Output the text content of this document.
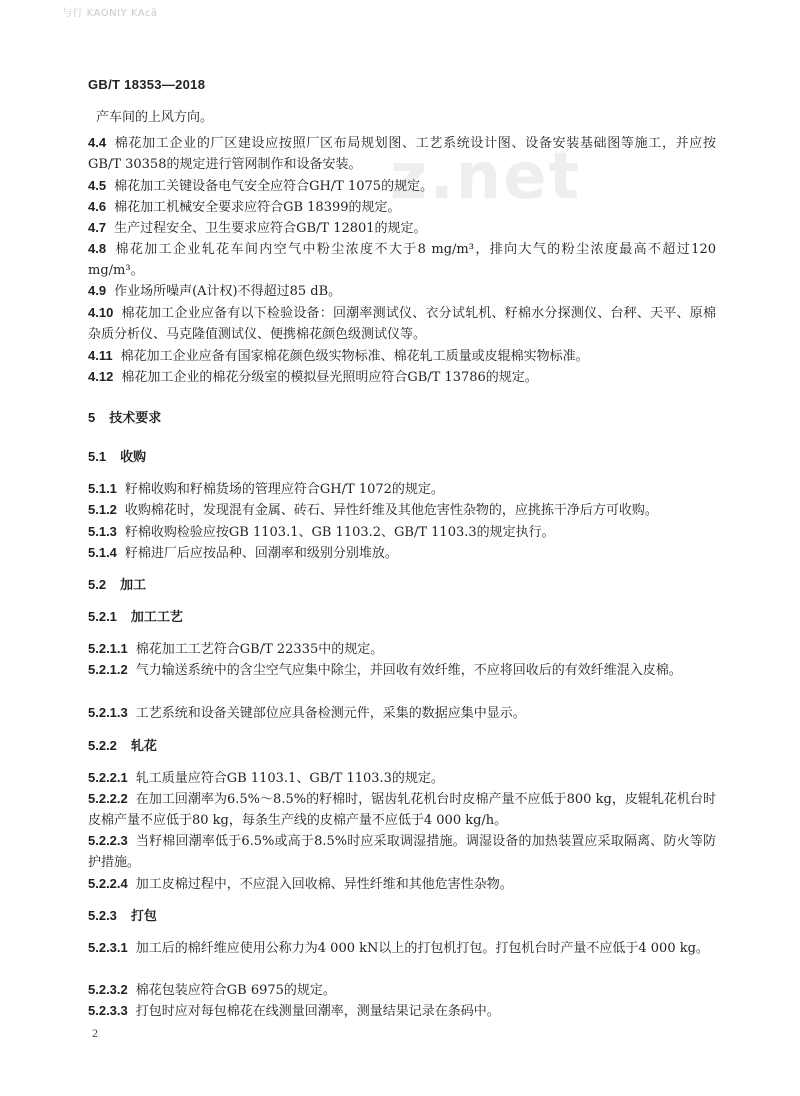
与行 KAONIY KAcā
GB/T 18353—2018
z.net
产车间的上风方向。
4.4 棉花加工企业的厂区建设应按照厂区布局规划图、工艺系统设计图、设备安装基础图等施工，并应按GB/T 30358的规定进行管网制作和设备安装。
4.5 棉花加工关键设备电气安全应符合GH/T 1075的规定。
4.6 棉花加工机械安全要求应符合GB 18399的规定。
4.7 生产过程安全、卫生要求应符合GB/T 12801的规定。
4.8 棉花加工企业轧花车间内空气中粉尘浓度不大于8 mg/m³，排向大气的粉尘浓度最高不超过120 mg/m³。
4.9 作业场所噪声(A计权)不得超过85 dB。
4.10 棉花加工企业应备有以下检验设备：回潮率测试仪、衣分试轧机、籽棉水分探测仪、台秤、天平、原棉杂质分析仪、马克隆值测试仪、便携棉花颜色级测试仪等。
4.11 棉花加工企业应备有国家棉花颜色级实物标准、棉花轧工质量或皮辊棉实物标准。
4.12 棉花加工企业的棉花分级室的模拟昼光照明应符合GB/T 13786的规定。
5 技术要求
5.1 收购
5.1.1 籽棉收购和籽棉货场的管理应符合GH/T 1072的规定。
5.1.2 收购棉花时，发现混有金属、砖石、异性纤维及其他危害性杂物的，应挑拣干净后方可收购。
5.1.3 籽棉收购检验应按GB 1103.1、GB 1103.2、GB/T 1103.3的规定执行。
5.1.4 籽棉进厂后应按品种、回潮率和级别分别堆放。
5.2 加工
5.2.1 加工工艺
5.2.1.1 棉花加工工艺符合GB/T 22335中的规定。
5.2.1.2 气力输送系统中的含尘空气应集中除尘，并回收有效纤维，不应将回收后的有效纤维混入皮棉。
5.2.1.3 工艺系统和设备关键部位应具备检测元件，采集的数据应集中显示。
5.2.2 轧花
5.2.2.1 轧工质量应符合GB 1103.1、GB/T 1103.3的规定。
5.2.2.2 在加工回潮率为6.5%～8.5%的籽棉时，锯齿轧花机台时皮棉产量不应低于800 kg，皮辊轧花机台时皮棉产量不应低于80 kg，每条生产线的皮棉产量不应低于4 000 kg/h。
5.2.2.3 当籽棉回潮率低于6.5%或高于8.5%时应采取调湿措施。调湿设备的加热装置应采取隔离、防火等防护措施。
5.2.2.4 加工皮棉过程中，不应混入回收棉、异性纤维和其他危害性杂物。
5.2.3 打包
5.2.3.1 加工后的棉纤维应使用公称力为4 000 kN以上的打包机打包。打包机台时产量不应低于4 000 kg。
5.2.3.2 棉花包装应符合GB 6975的规定。
5.2.3.3 打包时应对每包棉花在线测量回潮率，测量结果记录在条码中。
2
